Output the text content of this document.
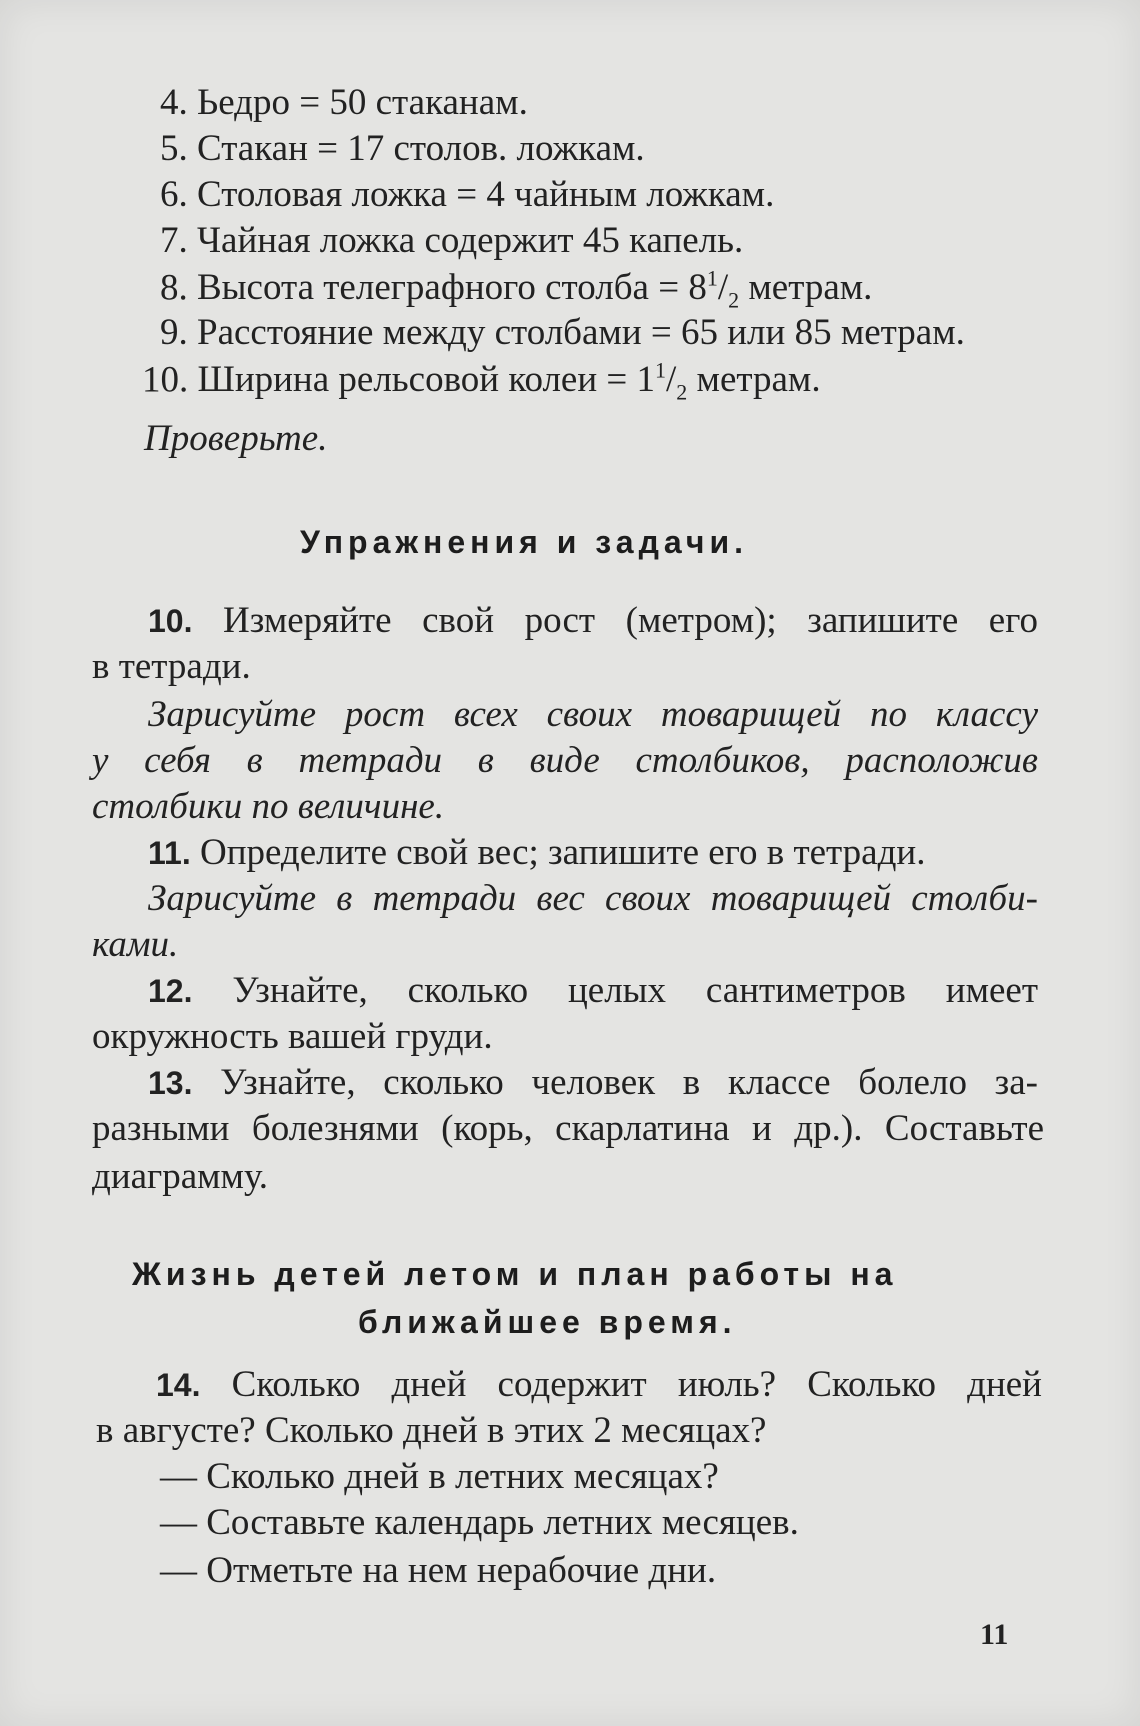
4. Ьедро = 50 стаканам.
5. Стакан = 17 столов. ложкам.
6. Столовая ложка = 4 чайным ложкам.
7. Чайная ложка содержит 45 капель.
8. Высота телеграфного столба = $8^1/_2$ метрам.
9. Расстояние между столбами = 65 или 85 метрам.
10. Ширина рельсовой колеи = $1^1/_2$ метрам.
Проверьте.
Упражнения и задачи.
10. Измеряйте свой рост (метром); запишите его
в тетради.
Зарисуйте рост всех своих товарищей по классу
у себя в тетради в виде столбиков, расположив
столбики по величине.
11. Определите свой вес; запишите его в тетради.
Зарисуйте в тетради вес своих товарищей столби-
ками.
12. Узнайте, сколько целых сантиметров имеет
окружность вашей груди.
13. Узнайте, сколько человек в классе болело за-
разными болезнями (корь, скарлатина и др.). Составьте
диаграмму.
Жизнь детей летом и план работы на
ближайшее время.
14. Сколько дней содержит июль? Сколько дней
в августе? Сколько дней в этих 2 месяцах?
— Сколько дней в летних месяцах?
— Составьте календарь летних месяцев.
— Отметьте на нем нерабочие дни.
11
